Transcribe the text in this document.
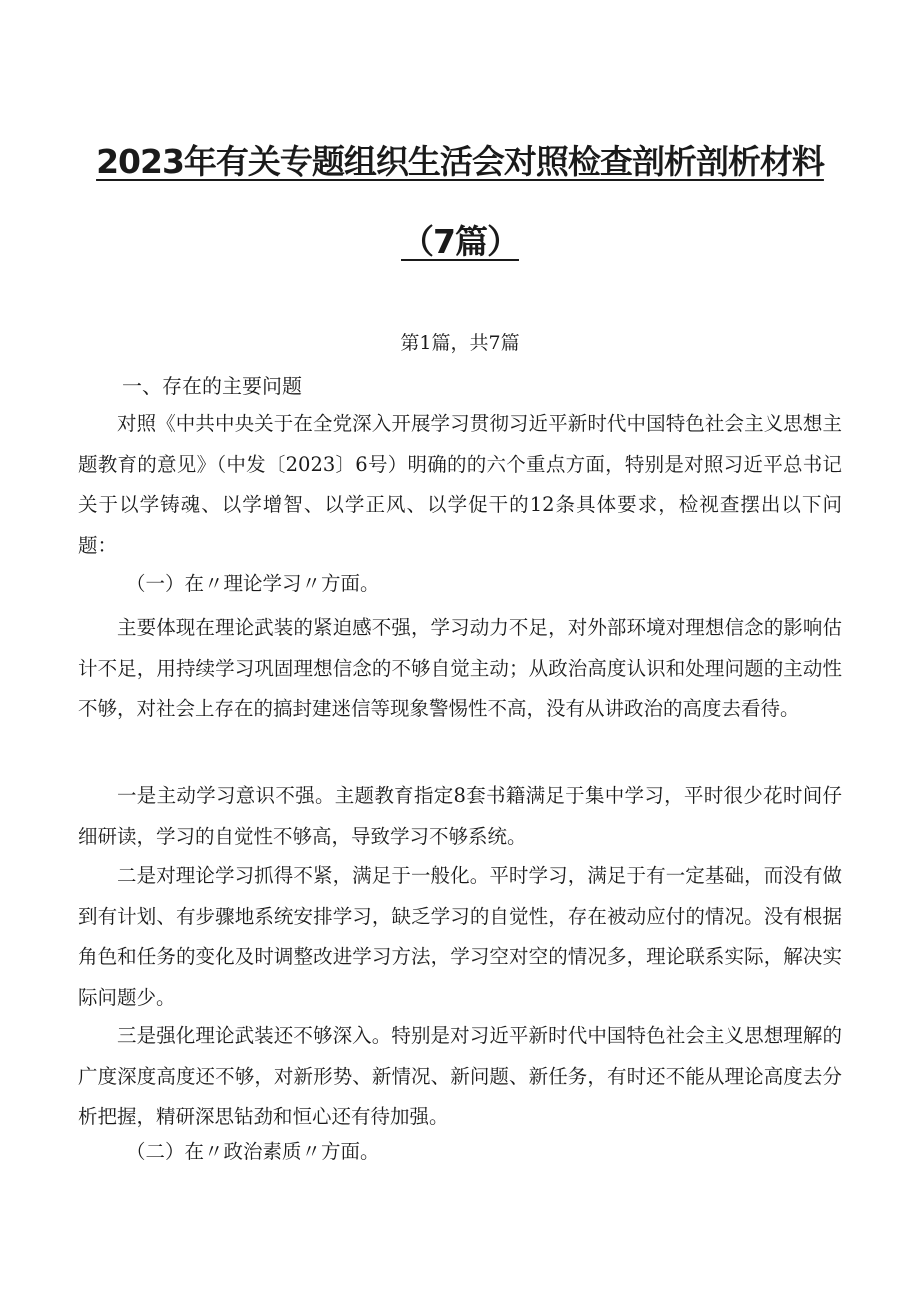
2023年有关专题组织生活会对照检查剖析剖析材料
（7篇）
第1篇，共7篇
一、存在的主要问题

对照《中共中央关于在全党深入开展学习贯彻习近平新时代中国特色社会主义思想主题教育的意见》（中发〔2023〕6号）明确的的六个重点方面，特别是对照习近平总书记关于以学铸魂、以学增智、以学正风、以学促干的12条具体要求，检视查摆出以下问题：

（一）在〃理论学习〃方面。

主要体现在理论武装的紧迫感不强，学习动力不足，对外部环境对理想信念的影响估计不足，用持续学习巩固理想信念的不够自觉主动；从政治高度认识和处理问题的主动性不够，对社会上存在的搞封建迷信等现象警惕性不高，没有从讲政治的高度去看待。

一是主动学习意识不强。主题教育指定8套书籍满足于集中学习，平时很少花时间仔细研读，学习的自觉性不够高，导致学习不够系统。

二是对理论学习抓得不紧，满足于一般化。平时学习，满足于有一定基础，而没有做到有计划、有步骤地系统安排学习，缺乏学习的自觉性，存在被动应付的情况。没有根据角色和任务的变化及时调整改进学习方法，学习空对空的情况多，理论联系实际，解决实际问题少。

三是强化理论武装还不够深入。特别是对习近平新时代中国特色社会主义思想理解的广度深度高度还不够，对新形势、新情况、新问题、新任务，有时还不能从理论高度去分析把握，精研深思钻劲和恒心还有待加强。

（二）在〃政治素质〃方面。
